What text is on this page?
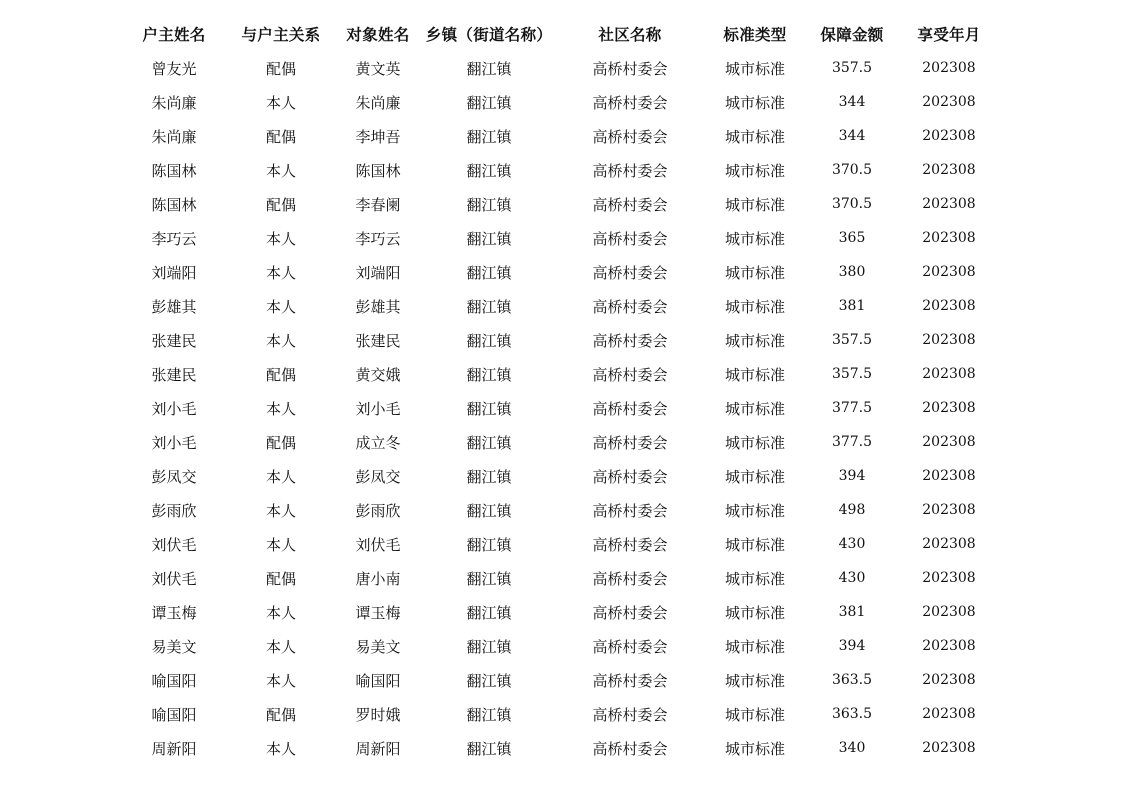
户主姓名	与户主关系	对象姓名	乡镇（街道名称）	社区名称	标准类型	保障金额	享受年月
曾友光	配偶	黄文英	翻江镇	高桥村委会	城市标准	357.5	202308
朱尚廉	本人	朱尚廉	翻江镇	高桥村委会	城市标准	344	202308
朱尚廉	配偶	李坤吾	翻江镇	高桥村委会	城市标准	344	202308
陈国林	本人	陈国林	翻江镇	高桥村委会	城市标准	370.5	202308
陈国林	配偶	李春阑	翻江镇	高桥村委会	城市标准	370.5	202308
李巧云	本人	李巧云	翻江镇	高桥村委会	城市标准	365	202308
刘端阳	本人	刘端阳	翻江镇	高桥村委会	城市标准	380	202308
彭雄其	本人	彭雄其	翻江镇	高桥村委会	城市标准	381	202308
张建民	本人	张建民	翻江镇	高桥村委会	城市标准	357.5	202308
张建民	配偶	黄交娥	翻江镇	高桥村委会	城市标准	357.5	202308
刘小毛	本人	刘小毛	翻江镇	高桥村委会	城市标准	377.5	202308
刘小毛	配偶	成立冬	翻江镇	高桥村委会	城市标准	377.5	202308
彭凤交	本人	彭凤交	翻江镇	高桥村委会	城市标准	394	202308
彭雨欣	本人	彭雨欣	翻江镇	高桥村委会	城市标准	498	202308
刘伏毛	本人	刘伏毛	翻江镇	高桥村委会	城市标准	430	202308
刘伏毛	配偶	唐小南	翻江镇	高桥村委会	城市标准	430	202308
谭玉梅	本人	谭玉梅	翻江镇	高桥村委会	城市标准	381	202308
易美文	本人	易美文	翻江镇	高桥村委会	城市标准	394	202308
喻国阳	本人	喻国阳	翻江镇	高桥村委会	城市标准	363.5	202308
喻国阳	配偶	罗时娥	翻江镇	高桥村委会	城市标准	363.5	202308
周新阳	本人	周新阳	翻江镇	高桥村委会	城市标准	340	202308
